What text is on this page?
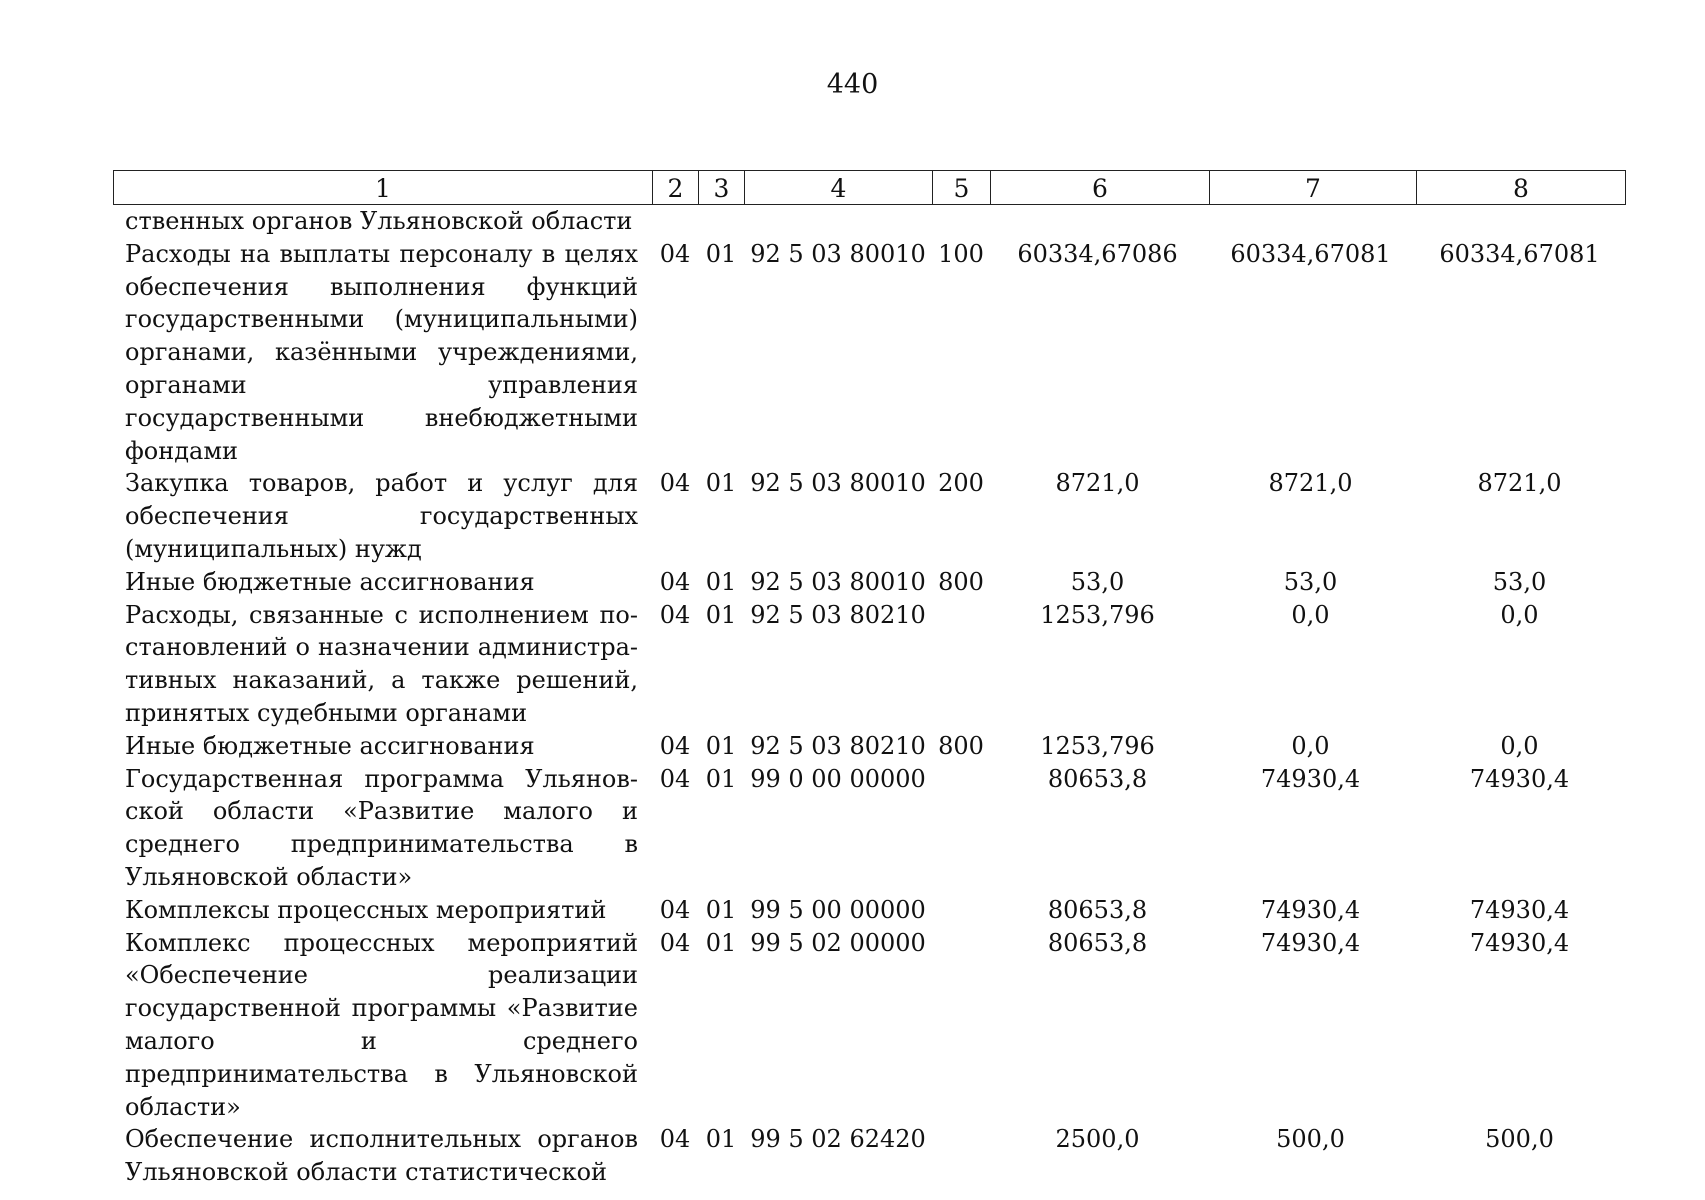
440
1	2	3	4	5	6	7	8
ственных органов Ульяновской области							
Расходы на выплаты персоналу в целях обеспечения выполнения функций государственными (муниципальными) органами, казёнными учреждениями, органами управления государственными внебюджетными фондами	04	01	92 5 03 80010	100	60334,67086	60334,67081	60334,67081
Закупка товаров, работ и услуг для обеспечения государственных (муниципальных) нужд	04	01	92 5 03 80010	200	8721,0	8721,0	8721,0
Иные бюджетные ассигнования	04	01	92 5 03 80010	800	53,0	53,0	53,0
Расходы, связанные с исполнением постановлений о назначении административных наказаний, а также решений, принятых судебными органами	04	01	92 5 03 80210		1253,796	0,0	0,0
Иные бюджетные ассигнования	04	01	92 5 03 80210	800	1253,796	0,0	0,0
Государственная программа Ульяновской области «Развитие малого и среднего предпринимательства в Ульяновской области»	04	01	99 0 00 00000		80653,8	74930,4	74930,4
Комплексы процессных мероприятий	04	01	99 5 00 00000		80653,8	74930,4	74930,4
Комплекс процессных мероприятий «Обеспечение реализации государственной программы «Развитие малого и среднего предпринимательства в Ульяновской области»	04	01	99 5 02 00000		80653,8	74930,4	74930,4
Обеспечение исполнительных органов Ульяновской области статистической	04	01	99 5 02 62420		2500,0	500,0	500,0
